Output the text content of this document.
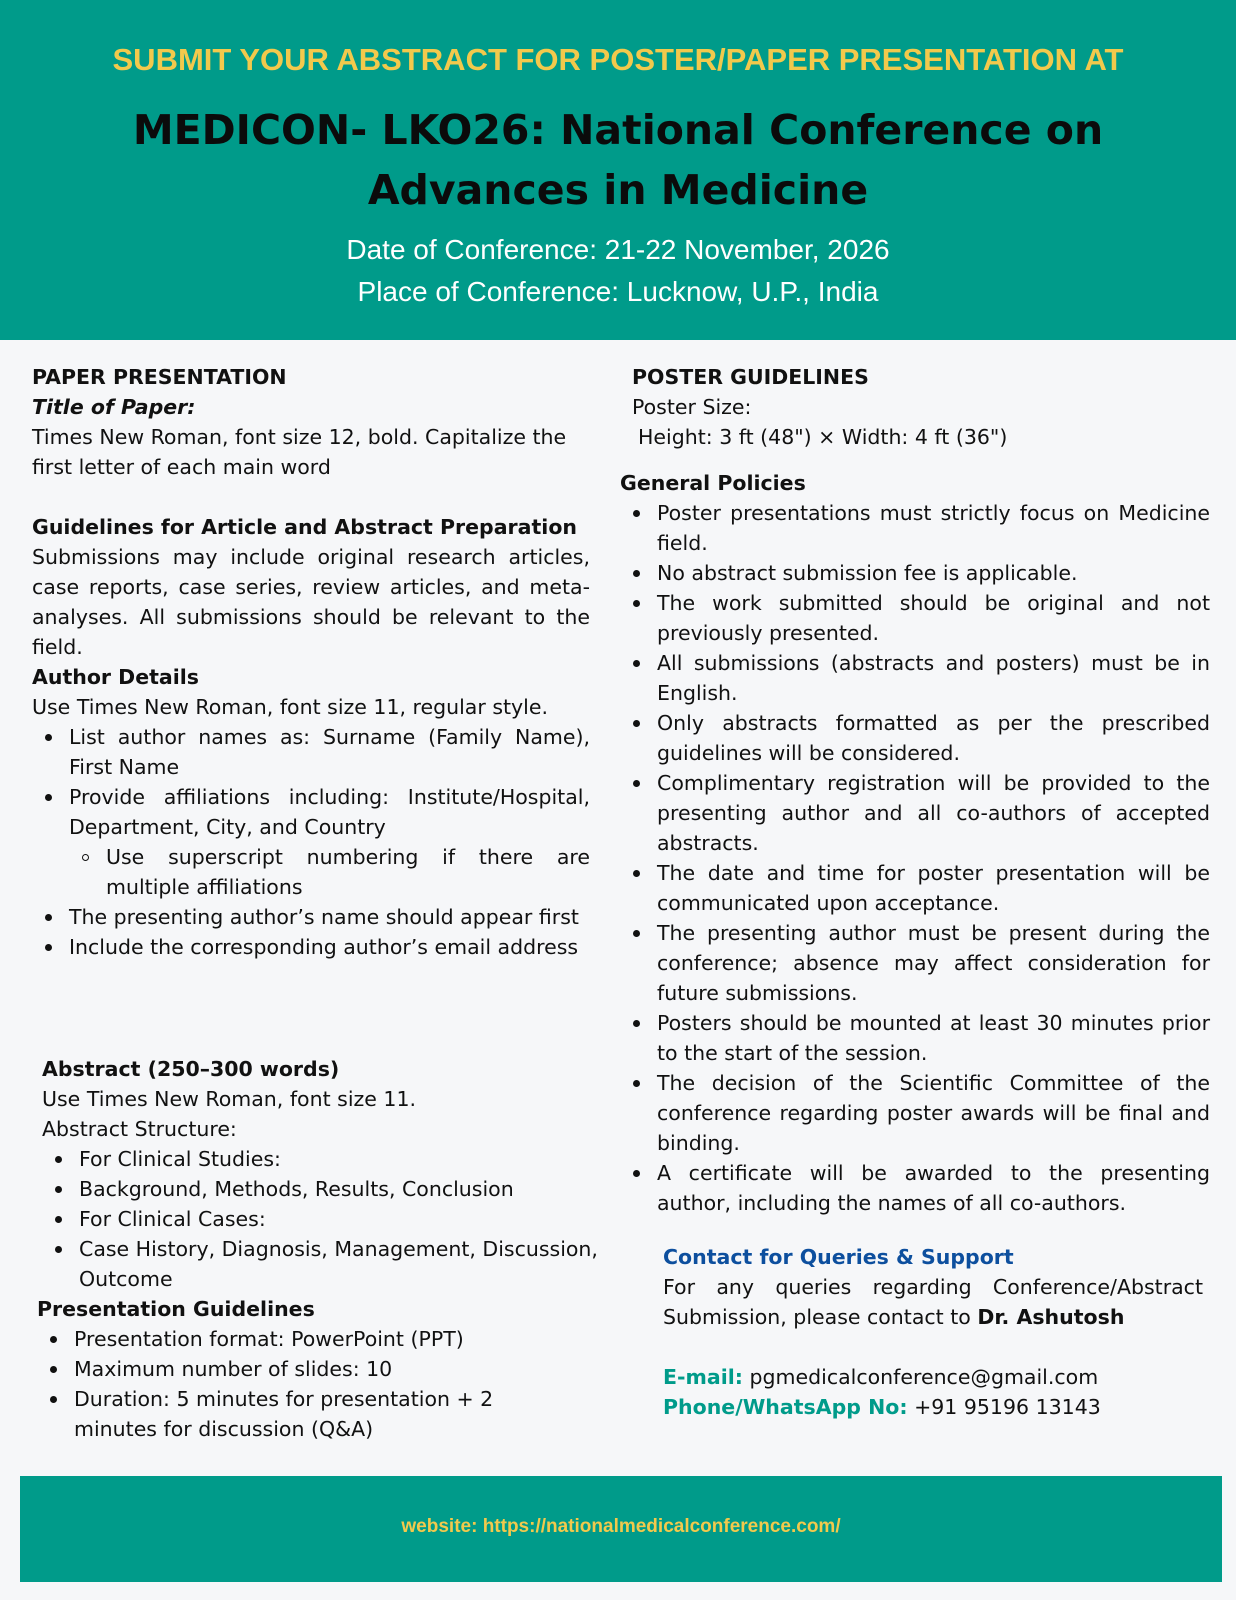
SUBMIT YOUR ABSTRACT FOR POSTER/PAPER PRESENTATION AT
MEDICON- LKO26: National Conference on Advances in Medicine
Date of Conference: 21-22 November, 2026
Place of Conference: Lucknow, U.P., India

PAPER PRESENTATION

Title of Paper:

Times New Roman, font size 12, bold. Capitalize the first letter of each main word

Guidelines for Article and Abstract Preparation

Submissions may include original research articles, case reports, case series, review articles, and meta-analyses. All submissions should be relevant to the field.

Author Details

Use Times New Roman, font size 11, regular style.

List author names as: Surname (Family Name), First Name
Provide affiliations including: Institute/Hospital, Department, City, and Country
Use superscript numbering if there are multiple affiliations
The presenting author’s name should appear first
Include the corresponding author’s email address

Abstract (250–300 words)

Use Times New Roman, font size 11.

Abstract Structure:

For Clinical Studies:
Background, Methods, Results, Conclusion
For Clinical Cases:
Case History, Diagnosis, Management, Discussion, Outcome

Presentation Guidelines

Presentation format: PowerPoint (PPT)
Maximum number of slides: 10
Duration: 5 minutes for presentation + 2 minutes for discussion (Q&A)

POSTER GUIDELINES

Poster Size:

Height: 3 ft (48") × Width: 4 ft (36")

General Policies

Poster presentations must strictly focus on Medicine field.
No abstract submission fee is applicable.
The work submitted should be original and not previously presented.
All submissions (abstracts and posters) must be in English.
Only abstracts formatted as per the prescribed guidelines will be considered.
Complimentary registration will be provided to the presenting author and all co-authors of accepted abstracts.
The date and time for poster presentation will be communicated upon acceptance.
The presenting author must be present during the conference; absence may affect consideration for future submissions.
Posters should be mounted at least 30 minutes prior to the start of the session.
The decision of the Scientific Committee of the conference regarding poster awards will be final and binding.
A certificate will be awarded to the presenting author, including the names of all co-authors.

Contact for Queries & Support

For any queries regarding Conference/Abstract Submission, please contact to Dr. Ashutosh

E-mail: pgmedicalconference@gmail.com

Phone/WhatsApp No: +91 95196 13143

website: https://nationalmedicalconference.com/
